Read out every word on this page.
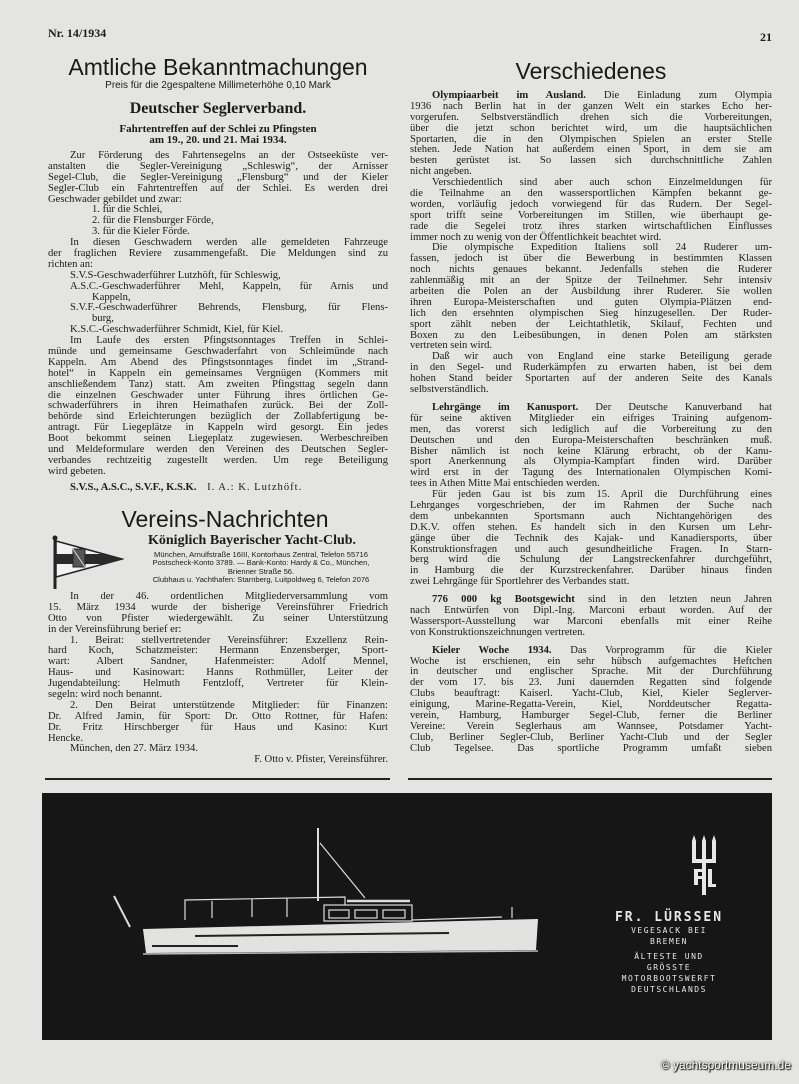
Nr. 14/1934	21
Amtliche Bekanntmachungen
Preis für die 2gespaltene Millimeterhöhe 0,10 Mark
Deutscher Seglerverband.
Fahrtentreffen auf der Schlei zu Pfingsten
am 19., 20. und 21. Mai 1934.
Zur Förderung des Fahrtensegelns an der Ostseeküste ver-
anstalten die Segler-Vereinigung „Schleswig“, der Arnisser
Segel-Club, die Segler-Vereinigung „Flensburg“ und der Kieler
Segler-Club ein Fahrtentreffen auf der Schlei. Es werden drei
Geschwader gebildet und zwar:
1. für die Schlei,
2. für die Flensburger Förde,
3. für die Kieler Förde.
In diesen Geschwadern werden alle gemeldeten Fahrzeuge
der fraglichen Reviere zusammengefaßt. Die Meldungen sind zu
richten an:
S.V.S-Geschwaderführer Lutzhöft, für Schleswig,
A.S.C.-Geschwaderführer Mehl, Kappeln, für Arnis und
Kappeln,
S.V.F.-Geschwaderführer Behrends, Flensburg, für Flens-
burg,
K.S.C.-Geschwaderführer Schmidt, Kiel, für Kiel.
Im Laufe des ersten Pfingstsonntages Treffen in Schlei-
münde und gemeinsame Geschwaderfahrt von Schleimünde nach
Kappeln. Am Abend des Pfingstsonntages findet im „Strand-
hotel“ in Kappeln ein gemeinsames Vergnügen (Kommers mit
anschließendem Tanz) statt. Am zweiten Pfingsttag segeln dann
die einzelnen Geschwader unter Führung ihres örtlichen Ge-
schwaderführers in ihren Heimathafen zurück. Bei der Zoll-
behörde sind Erleichterungen bezüglich der Zollabfertigung be-
antragt. Für Liegeplätze in Kappeln wird gesorgt. Ein jedes
Boot bekommt seinen Liegeplatz zugewiesen. Werbeschreiben
und Meldeformulare werden den Vereinen des Deutschen Segler-
verbandes rechtzeitig zugestellt werden. Um rege Beteiligung
wird gebeten.
S.V.S., A.S.C., S.V.F., K.S.K. I. A.: K. Lutzhöft.
Vereins-Nachrichten
Königlich Bayerischer Yacht-Club.
München, Arnulfstraße 16III, Kontorhaus Zentral, Telefon 55716
Postscheck-Konto 3789. — Bank-Konto: Hardy & Co., München,
Brienner Straße 56.
Clubhaus u. Yachthafen: Starnberg, Luitpoldweg 6, Telefon 2076
In der 46. ordentlichen Mitgliederversammlung vom
15. März 1934 wurde der bisherige Vereinsführer Friedrich
Otto von Pfister wiedergewählt. Zu seiner Unterstützung
in der Vereinsführung berief er:
1. Beirat: stellvertretender Vereinsführer: Exzellenz Rein-
hard Koch, Schatzmeister: Hermann Enzensberger, Sport-
wart: Albert Sandner, Hafenmeister: Adolf Mennel,
Haus- und Kasinowart: Hanns Rothmüller, Leiter der
Jugendabteilung: Helmuth Fentzloff, Vertreter für Klein-
segeln: wird noch benannt.
2. Den Beirat unterstützende Mitglieder: für Finanzen:
Dr. Alfred Jamin, für Sport: Dr. Otto Rottner, für Hafen:
Dr. Fritz Hirschberger für Haus und Kasino: Kurt
Hencke.
München, den 27. März 1934.
F. Otto v. Pfister, Vereinsführer.
Verschiedenes
Olympiaarbeit im Ausland. Die Einladung zum Olympia
1936 nach Berlin hat in der ganzen Welt ein starkes Echo her-
vorgerufen. Selbstverständlich drehen sich die Vorbereitungen,
über die jetzt schon berichtet wird, um die hauptsächlichen
Sportarten, die in den Olympischen Spielen an erster Stelle
stehen. Jede Nation hat außerdem einen Sport, in dem sie am
besten gerüstet ist. So lassen sich durchschnittliche Zahlen
nicht angeben.
Verschiedentlich sind aber auch schon Einzelmeldungen für
die Teilnahme an den wassersportlichen Kämpfen bekannt ge-
worden, vorläufig jedoch vorwiegend für das Rudern. Der Segel-
sport trifft seine Vorbereitungen im Stillen, wie überhaupt ge-
rade die Segelei trotz ihres starken wirtschaftlichen Einflusses
immer noch zu wenig von der Öffentlichkeit beachtet wird.
Die olympische Expedition Italiens soll 24 Ruderer um-
fassen, jedoch ist über die Bewerbung in bestimmten Klassen
noch nichts genaues bekannt. Jedenfalls stehen die Ruderer
zahlenmäßig mit an der Spitze der Teilnehmer. Sehr intensiv
arbeiten die Polen an der Ausbildung ihrer Ruderer. Sie wollen
ihren Europa-Meisterschaften und guten Olympia-Plätzen end-
lich den ersehnten olympischen Sieg hinzugesellen. Der Ruder-
sport zählt neben der Leichtathletik, Skilauf, Fechten und
Boxen zu den Leibesübungen, in denen Polen am stärksten
vertreten sein wird.
Daß wir auch von England eine starke Beteiligung gerade
in den Segel- und Ruderkämpfen zu erwarten haben, ist bei dem
hohen Stand beider Sportarten auf der anderen Seite des Kanals
selbstverständlich.
Lehrgänge im Kanusport. Der Deutsche Kanuverband hat
für seine aktiven Mitglieder ein eifriges Training aufgenom-
men, das vorerst sich lediglich auf die Vorbereitung zu den
Deutschen und den Europa-Meisterschaften beschränken muß.
Bisher nämlich ist noch keine Klärung erbracht, ob der Kanu-
sport Anerkennung als Olympia-Kampfart finden wird. Darüber
wird erst in der Tagung des Internationalen Olympischen Komi-
tees in Athen Mitte Mai entschieden werden.
Für jeden Gau ist bis zum 15. April die Durchführung eines
Lehrganges vorgeschrieben, der im Rahmen der Suche nach
dem unbekannten Sportsmann auch Nichtangehörigen des
D.K.V. offen stehen. Es handelt sich in den Kursen um Lehr-
gänge über die Technik des Kajak- und Kanadiersports, über
Konstruktionsfragen und auch gesundheitliche Fragen. In Starn-
berg wird die Schulung der Langstreckenfahrer durchgeführt,
in Hamburg die der Kurzstreckenfahrer. Darüber hinaus finden
zwei Lehrgänge für Sportlehrer des Verbandes statt.
776 000 kg Bootsgewicht sind in den letzten neun Jahren
nach Entwürfen von Dipl.-Ing. Marconi erbaut worden. Auf der
Wassersport-Ausstellung war Marconi ebenfalls mit einer Reihe
von Konstruktionszeichnungen vertreten.
Kieler Woche 1934. Das Vorprogramm für die Kieler
Woche ist erschienen, ein sehr hübsch aufgemachtes Heftchen
in deutscher und englischer Sprache. Mit der Durchführung
der vom 17. bis 23. Juni dauernden Regatten sind folgende
Clubs beauftragt: Kaiserl. Yacht-Club, Kiel, Kieler Seglerver-
einigung, Marine-Regatta-Verein, Kiel, Norddeutscher Regatta-
verein, Hamburg, Hamburger Segel-Club, ferner die Berliner
Vereine: Verein Seglerhaus am Wannsee, Potsdamer Yacht-
Club, Berliner Segler-Club, Berliner Yacht-Club und der Segler
Club Tegelsee. Das sportliche Programm umfaßt sieben
FR. LÜRSSEN
VEGESACK BEI BREMEN
ÄLTESTE UND GRÖSSTE
MOTORBOOTSWERFT
DEUTSCHLANDS
© yachtsportmuseum.de
